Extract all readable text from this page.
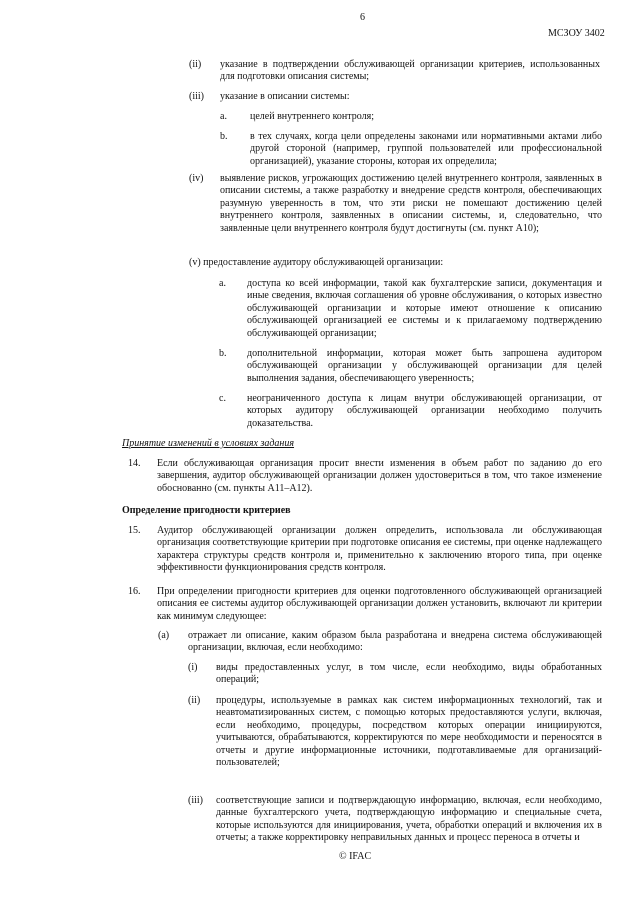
6
МСЗОУ 3402
(ii) указание в подтверждении обслуживающей организации критериев, использованных для подготовки описания системы;
(iii) указание в описании системы:
a. целей внутреннего контроля;
b. в тех случаях, когда цели определены законами или нормативными актами либо другой стороной (например, группой пользователей или профессиональной организацией), указание стороны, которая их определила;
(iv) выявление рисков, угрожающих достижению целей внутреннего контроля, заявленных в описании системы, а также разработку и внедрение средств контроля, обеспечивающих разумную уверенность в том, что эти риски не помешают достижению целей внутреннего контроля, заявленных в описании системы, и, следовательно, что заявленные цели внутреннего контроля будут достигнуты (см. пункт A10);
(v) предоставление аудитору обслуживающей организации:
a. доступа ко всей информации, такой как бухгалтерские записи, документация и иные сведения, включая соглашения об уровне обслуживания, о которых известно обслуживающей организации и которые имеют отношение к описанию обслуживающей организацией ее системы и к прилагаемому подтверждению обслуживающей организации;
b. дополнительной информации, которая может быть запрошена аудитором обслуживающей организации у обслуживающей организации для целей выполнения задания, обеспечивающего уверенность;
c. неограниченного доступа к лицам внутри обслуживающей организации, от которых аудитору обслуживающей организации необходимо получить доказательства.
Принятие изменений в условиях задания
14. Если обслуживающая организация просит внести изменения в объем работ по заданию до его завершения, аудитор обслуживающей организации должен удостовериться в том, что такое изменение обоснованно (см. пункты A11–A12).
Определение пригодности критериев
15. Аудитор обслуживающей организации должен определить, использовала ли обслуживающая организация соответствующие критерии при подготовке описания ее системы, при оценке надлежащего характера структуры средств контроля и, применительно к заключению второго типа, при оценке эффективности функционирования средств контроля.
16. При определении пригодности критериев для оценки подготовленного обслуживающей организацией описания ее системы аудитор обслуживающей организации должен установить, включают ли критерии как минимум следующее:
(a) отражает ли описание, каким образом была разработана и внедрена система обслуживающей организации, включая, если необходимо:
(i) виды предоставленных услуг, в том числе, если необходимо, виды обработанных операций;
(ii) процедуры, используемые в рамках как систем информационных технологий, так и неавтоматизированных систем, с помощью которых предоставляются услуги, включая, если необходимо, процедуры, посредством которых операции инициируются, учитываются, обрабатываются, корректируются по мере необходимости и переносятся в отчеты и другие информационные источники, подготавливаемые для организаций-пользователей;
(iii) соответствующие записи и подтверждающую информацию, включая, если необходимо, данные бухгалтерского учета, подтверждающую информацию и специальные счета, которые используются для инициирования, учета, обработки операций и включения их в отчеты; а также корректировку неправильных данных и процесс переноса в отчеты и
© IFAC
